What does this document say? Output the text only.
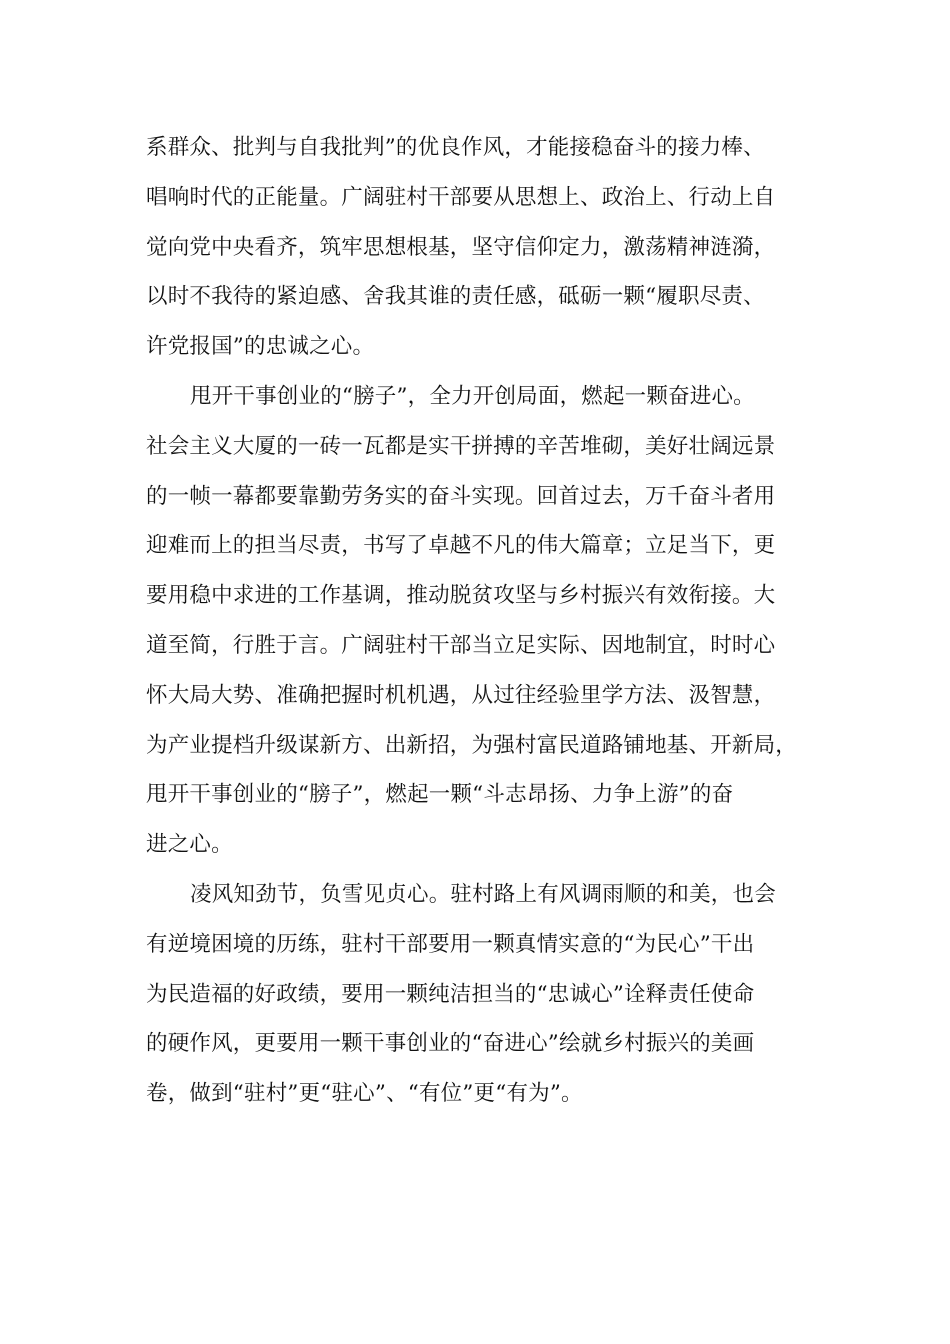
系群众、批判与自我批判”的优良作风，才能接稳奋斗的接力棒、
唱响时代的正能量。广阔驻村干部要从思想上、政治上、行动上自
觉向党中央看齐，筑牢思想根基，坚守信仰定力，激荡精神涟漪，
以时不我待的紧迫感、舍我其谁的责任感，砥砺一颗“履职尽责、
许党报国”的忠诚之心。
甩开干事创业的“膀子”，全力开创局面，燃起一颗奋进心。
社会主义大厦的一砖一瓦都是实干拼搏的辛苦堆砌，美好壮阔远景
的一帧一幕都要靠勤劳务实的奋斗实现。回首过去，万千奋斗者用
迎难而上的担当尽责，书写了卓越不凡的伟大篇章；立足当下，更
要用稳中求进的工作基调，推动脱贫攻坚与乡村振兴有效衔接。大
道至简，行胜于言。广阔驻村干部当立足实际、因地制宜，时时心
怀大局大势、准确把握时机机遇，从过往经验里学方法、汲智慧，
为产业提档升级谋新方、出新招，为强村富民道路铺地基、开新局，
甩开干事创业的“膀子”，燃起一颗“斗志昂扬、力争上游”的奋
进之心。
凌风知劲节，负雪见贞心。驻村路上有风调雨顺的和美，也会
有逆境困境的历练，驻村干部要用一颗真情实意的“为民心”干出
为民造福的好政绩，要用一颗纯洁担当的“忠诚心”诠释责任使命
的硬作风，更要用一颗干事创业的“奋进心”绘就乡村振兴的美画
卷，做到“驻村”更“驻心”、“有位”更“有为”。
